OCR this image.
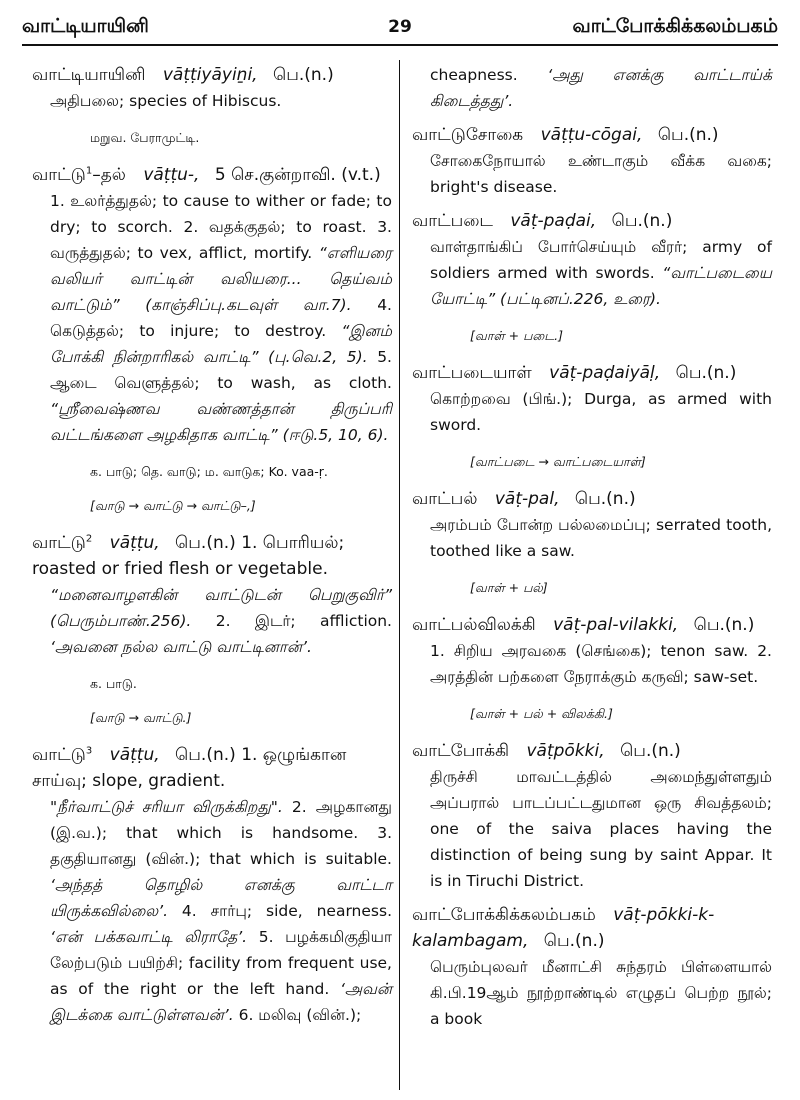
வாட்டியாயினி	29	வாட்போக்கிக்கலம்பகம்
வாட்டியாயினி vāṭṭiyāyiṉi, பெ.(n.)
அதிபலை; species of Hibiscus.
மறுவ. பேராமுட்டி.
வாட்டு$^1$–தல் vāṭṭu-, 5 செ.குன்றாவி. (v.t.)
1. உலர்த்துதல்; to cause to wither or fade; to dry; to scorch. 2. வதக்குதல்; to roast. 3. வருத்துதல்; to vex, afflict, mortify. “எளியரை வலியர் வாட்டின் வலியரை... தெய்வம் வாட்டும்” (காஞ்சிப்பு.கடவுள் வா.7). 4. கெடுத்தல்; to injure; to destroy. “இனம் போக்கி நின்றாரிகல் வாட்டி” (பு.வெ.2, 5). 5. ஆடை வெளுத்தல்; to wash, as cloth. “ஸ்ரீவைஷ்ணவ வண்ணத்தான் திருப்பரி வட்டங்களை அழகிதாக வாட்டி” (ஈடு.5, 10, 6).
க. பாடு; தெ. வாடு; ம. வாடுக; Ko. vaa-ṛ.
[வாடு → வாட்டு → வாட்டு–,]
வாட்டு$^2$ vāṭṭu, பெ.(n.) 1. பொரியல்; roasted or fried flesh or vegetable.
“மனைவாழளகின் வாட்டுடன் பெறுகுவிர்” (பெரும்பாண்.256). 2. இடர்; affliction. ‘அவனை நல்ல வாட்டு வாட்டினான்’.
க. பாடு.
[வாடு → வாட்டு.]
வாட்டு$^3$ vāṭṭu, பெ.(n.) 1. ஒழுங்கான சாய்வு; slope, gradient.
"நீர்வாட்டுச் சரியா விருக்கிறது". 2. அழகானது (இ.வ.); that which is handsome. 3. தகுதியானது (வின்.); that which is suitable. ‘அந்தத் தொழில் எனக்கு வாட்டா யிருக்கவில்லை’. 4. சார்பு; side, nearness. ‘என் பக்கவாட்டி லிராதே’. 5. பழக்கமிகுதியா லேற்படும் பயிற்சி; facility from frequent use, as of the right or the left hand. ‘அவன் இடக்கை வாட்டுள்ளவன்’. 6. மலிவு (வின்.);
cheapness. ‘அது எனக்கு வாட்டாய்க் கிடைத்தது’.
வாட்டுசோகை vāṭṭu-cōgai, பெ.(n.)
சோகைநோயால் உண்டாகும் வீக்க வகை; bright's disease.
வாட்படை vāṭ-paḍai, பெ.(n.)
வாள்தாங்கிப் போர்செய்யும் வீரர்; army of soldiers armed with swords. “வாட்படையை யோட்டி” (பட்டினப்.226, உரை).
[வாள் + படை.]
வாட்படையாள் vāṭ-paḍaiyāḷ, பெ.(n.)
கொற்றவை (பிங்.); Durga, as armed with sword.
[வாட்படை → வாட்படையாள்]
வாட்பல் vāṭ-pal, பெ.(n.)
அரம்பம் போன்ற பல்லமைப்பு; serrated tooth, toothed like a saw.
[வாள் + பல்]
வாட்பல்விலக்கி vāṭ-pal-vilakki, பெ.(n.)
1. சிறிய அரவகை (செங்கை); tenon saw. 2. அரத்தின் பற்களை நேராக்கும் கருவி; saw-set.
[வாள் + பல் + விலக்கி.]
வாட்போக்கி vāṭpōkki, பெ.(n.)
திருச்சி மாவட்டத்தில் அமைந்துள்ளதும் அப்பரால் பாடப்பட்டதுமான ஒரு சிவத்தலம்; one of the saiva places having the distinction of being sung by saint Appar. It is in Tiruchi District.
வாட்போக்கிக்கலம்பகம் vāṭ-pōkki-k-kalambagam, பெ.(n.)
பெரும்புலவர் மீனாட்சி சுந்தரம் பிள்ளையால் கி.பி.19ஆம் நூற்றாண்டில் எழுதப் பெற்ற நூல்; a book
